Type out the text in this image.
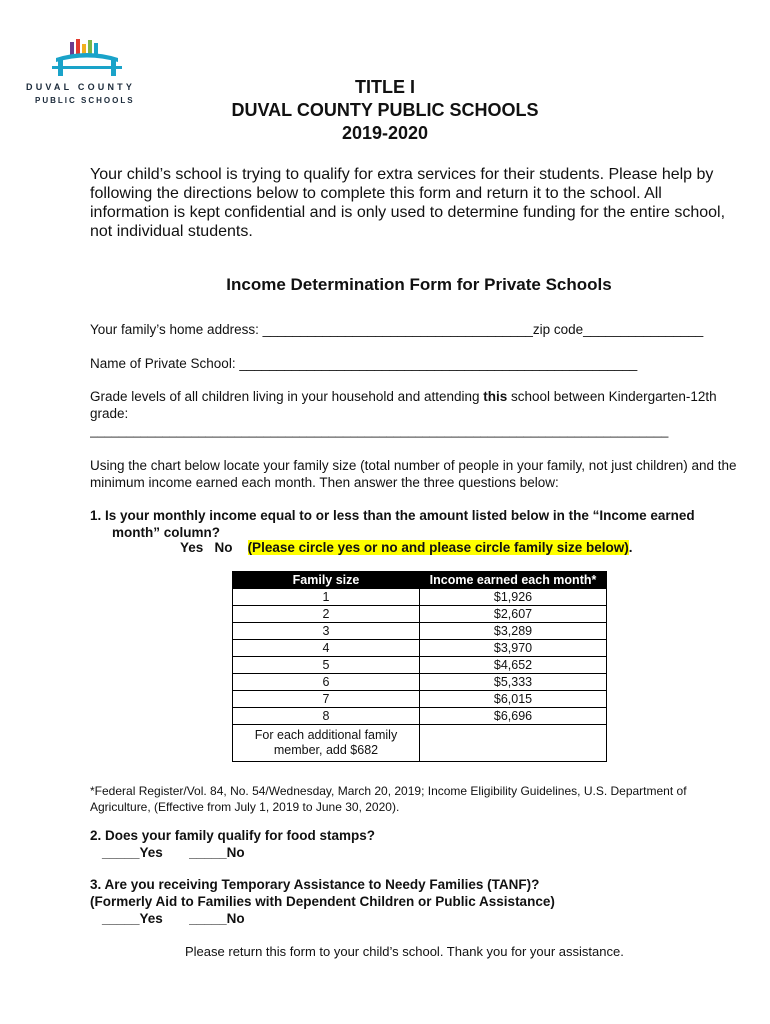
DUVAL COUNTY
PUBLIC SCHOOLS
TITLE I
DUVAL COUNTY PUBLIC SCHOOLS
2019-2020
Your child’s school is trying to qualify for extra services for their students. Please help by following the directions below to complete this form and return it to the school. All information is kept confidential and is only used to determine funding for the entire school, not individual students.
Income Determination Form for Private Schools
Your family’s home address: ____________________________________zip code________________
Name of Private School: _____________________________________________________
Grade levels of all children living in your household and attending this school between Kindergarten-12th grade:
________________________________________________________________________________
Using the chart below locate your family size (total number of people in your family, not just children) and the minimum income earned each month. Then answer the three questions below:
1. Is your monthly income equal to or less than the amount listed below in the “Income earned month” column?
Yes No (Please circle yes or no and please circle family size below).
Family size	Income earned each month*
1	$1,926
2	$2,607
3	$3,289
4	$3,970
5	$4,652
6	$5,333
7	$6,015
8	$6,696

For each additional family member, add $682	

*Federal Register/Vol. 84, No. 54/Wednesday, March 20, 2019; Income Eligibility Guidelines, U.S. Department of Agriculture, (Effective from July 1, 2019 to June 30, 2020).
2. Does your family qualify for food stamps?
_____Yes _____No
3. Are you receiving Temporary Assistance to Needy Families (TANF)?
(Formerly Aid to Families with Dependent Children or Public Assistance)
_____Yes _____No
Please return this form to your child’s school. Thank you for your assistance.
